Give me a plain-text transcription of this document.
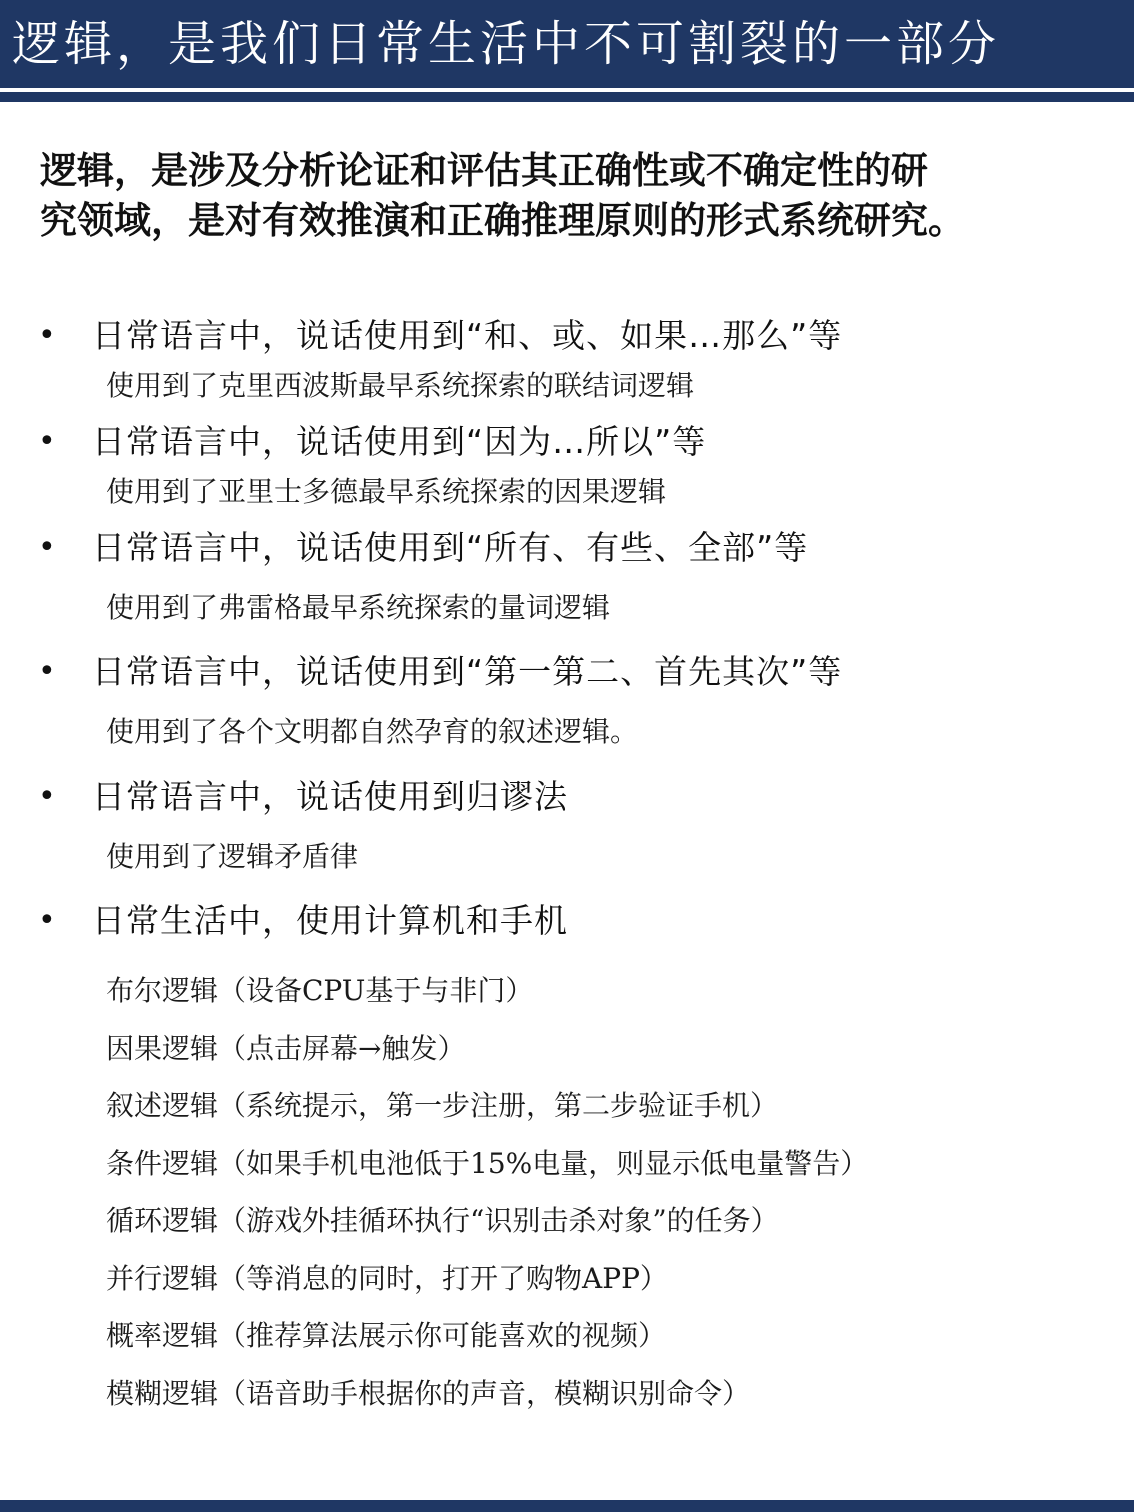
逻辑，是我们日常生活中不可割裂的一部分
逻辑，是涉及分析论证和评估其正确性或不确定性的研
究领域，是对有效推演和正确推理原则的形式系统研究。
• 日常语言中，说话使用到“和、或、如果…那么”等
使用到了克里西波斯最早系统探索的联结词逻辑
• 日常语言中，说话使用到“因为…所以”等
使用到了亚里士多德最早系统探索的因果逻辑
• 日常语言中，说话使用到“所有、有些、全部”等
使用到了弗雷格最早系统探索的量词逻辑
• 日常语言中，说话使用到“第一第二、首先其次”等
使用到了各个文明都自然孕育的叙述逻辑。
• 日常语言中，说话使用到归谬法
使用到了逻辑矛盾律
• 日常生活中，使用计算机和手机
布尔逻辑（设备CPU基于与非门）
因果逻辑（点击屏幕→触发）
叙述逻辑（系统提示，第一步注册，第二步验证手机）
条件逻辑（如果手机电池低于15%电量，则显示低电量警告）
循环逻辑（游戏外挂循环执行“识别击杀对象”的任务）
并行逻辑（等消息的同时，打开了购物APP）
概率逻辑（推荐算法展示你可能喜欢的视频）
模糊逻辑（语音助手根据你的声音，模糊识别命令）
